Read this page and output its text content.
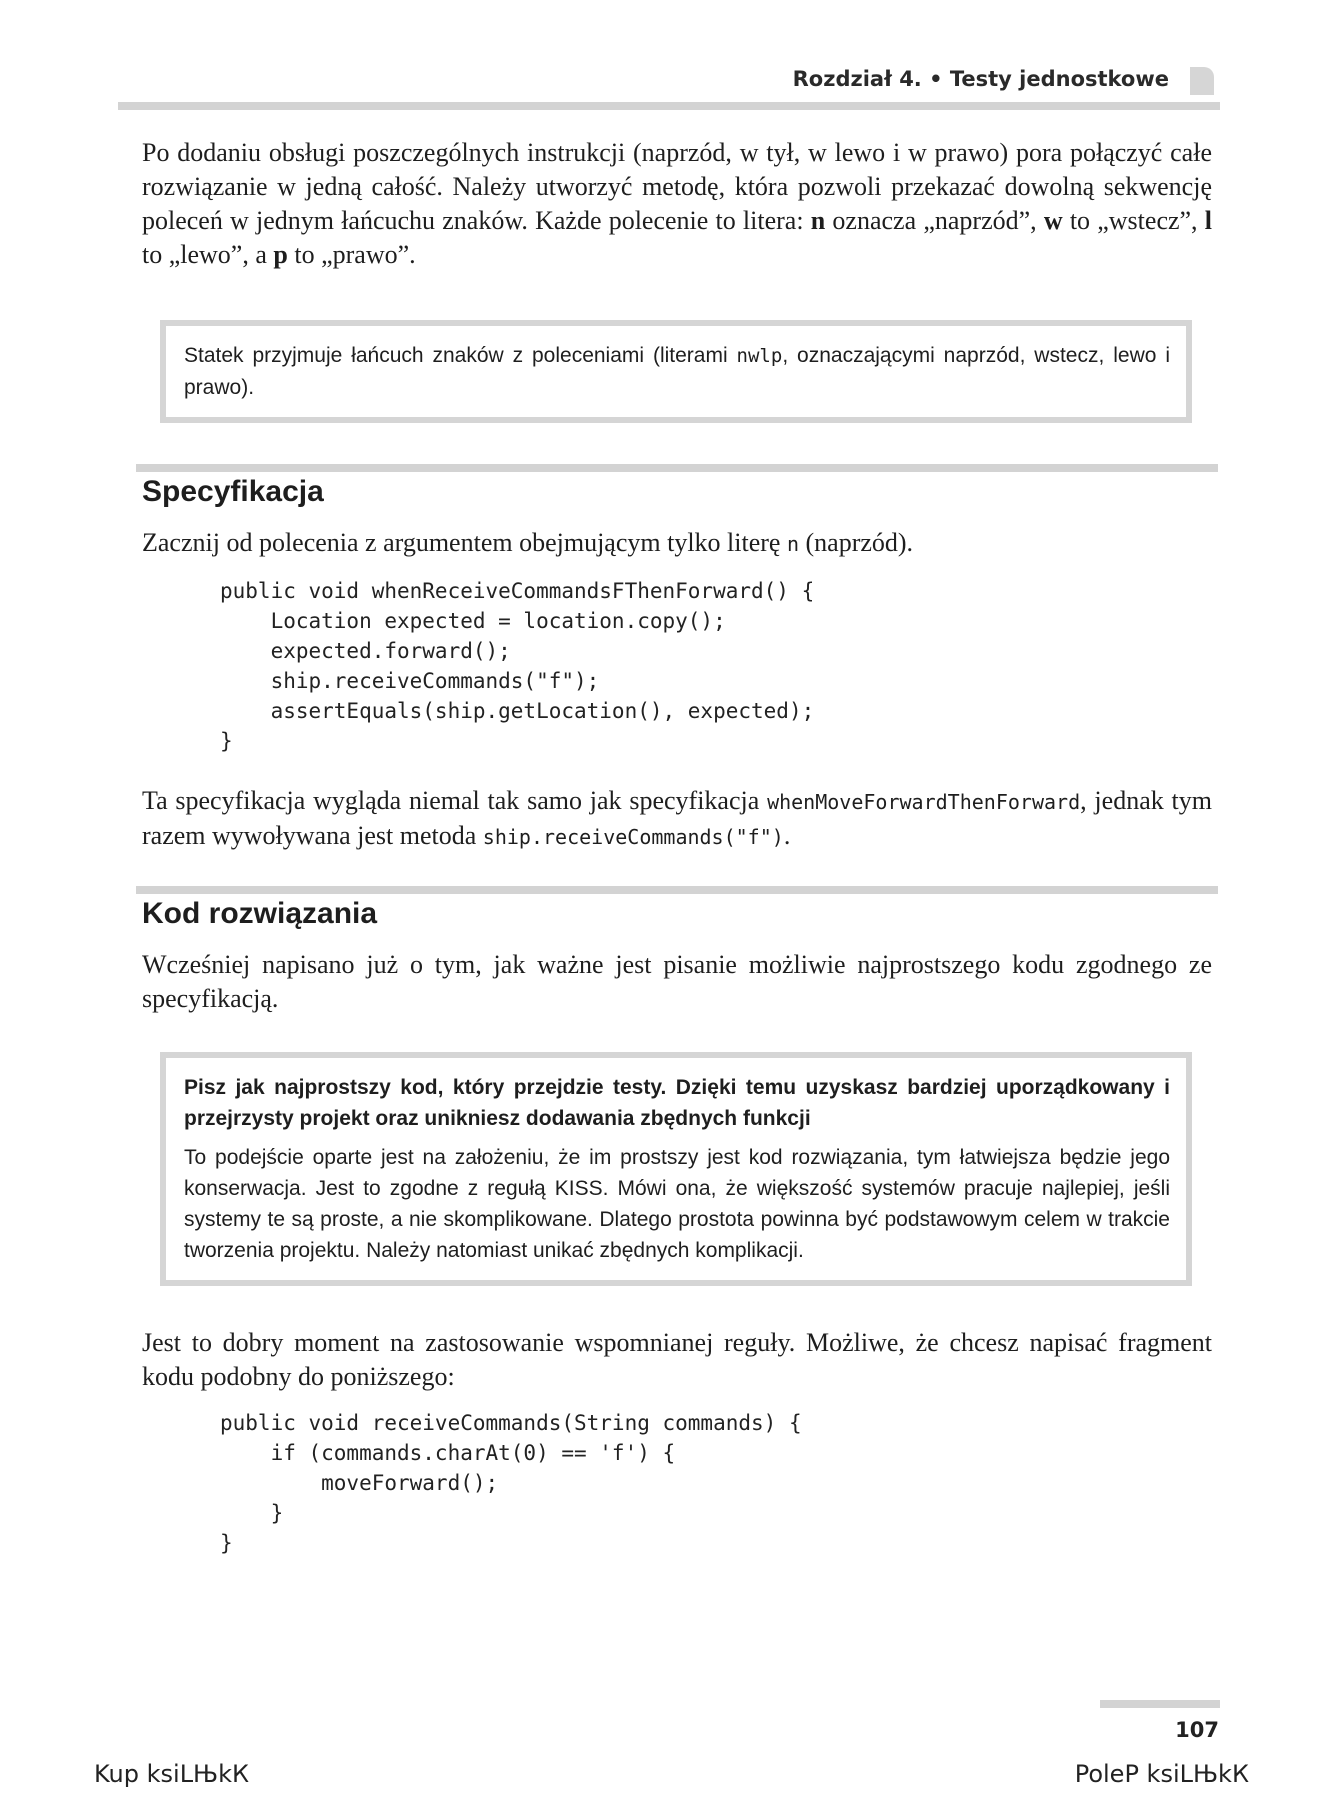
Rozdział 4. • Testy jednostkowe

Po dodaniu obsługi poszczególnych instrukcji (naprzód, w tył, w lewo i w prawo) pora połączyć całe rozwiązanie w jedną całość. Należy utworzyć metodę, która pozwoli przekazać dowolną sekwencję poleceń w jednym łańcuchu znaków. Każde polecenie to litera: n oznacza „naprzód”, w to „wstecz”, l to „lewo”, a p to „prawo”.

Statek przyjmuje łańcuch znaków z poleceniami (literami nwlp, oznaczającymi naprzód, wstecz, lewo i prawo).

Specyfikacja

Zacznij od polecenia z argumentem obejmującym tylko literę n (naprzód).

public void whenReceiveCommandsFThenForward() {
Location expected = location.copy();
expected.forward();
ship.receiveCommands("f");
assertEquals(ship.getLocation(), expected);
}

Ta specyfikacja wygląda niemal tak samo jak specyfikacja whenMoveForwardThenForward, jednak tym razem wywoływana jest metoda ship.receiveCommands("f").

Kod rozwiązania

Wcześniej napisano już o tym, jak ważne jest pisanie możliwie najprostszego kodu zgodnego ze specyfikacją.

Pisz jak najprostszy kod, który przejdzie testy. Dzięki temu uzyskasz bardziej uporządkowany i przejrzysty projekt oraz unikniesz dodawania zbędnych funkcji

To podejście oparte jest na założeniu, że im prostszy jest kod rozwiązania, tym łatwiejsza będzie jego konserwacja. Jest to zgodne z regułą KISS. Mówi ona, że większość systemów pracuje najlepiej, jeśli systemy te są proste, a nie skomplikowane. Dlatego prostota powinna być podstawowym celem w trakcie tworzenia projektu. Należy natomiast unikać zbędnych komplikacji.

Jest to dobry moment na zastosowanie wspomnianej reguły. Możliwe, że chcesz napisać fragment kodu podobny do poniższego:

public void receiveCommands(String commands) {
if (commands.charAt(0) == 'f') {
moveForward();
}
}
107
Kup ksiLЊkК	PoleР ksiLЊkК
